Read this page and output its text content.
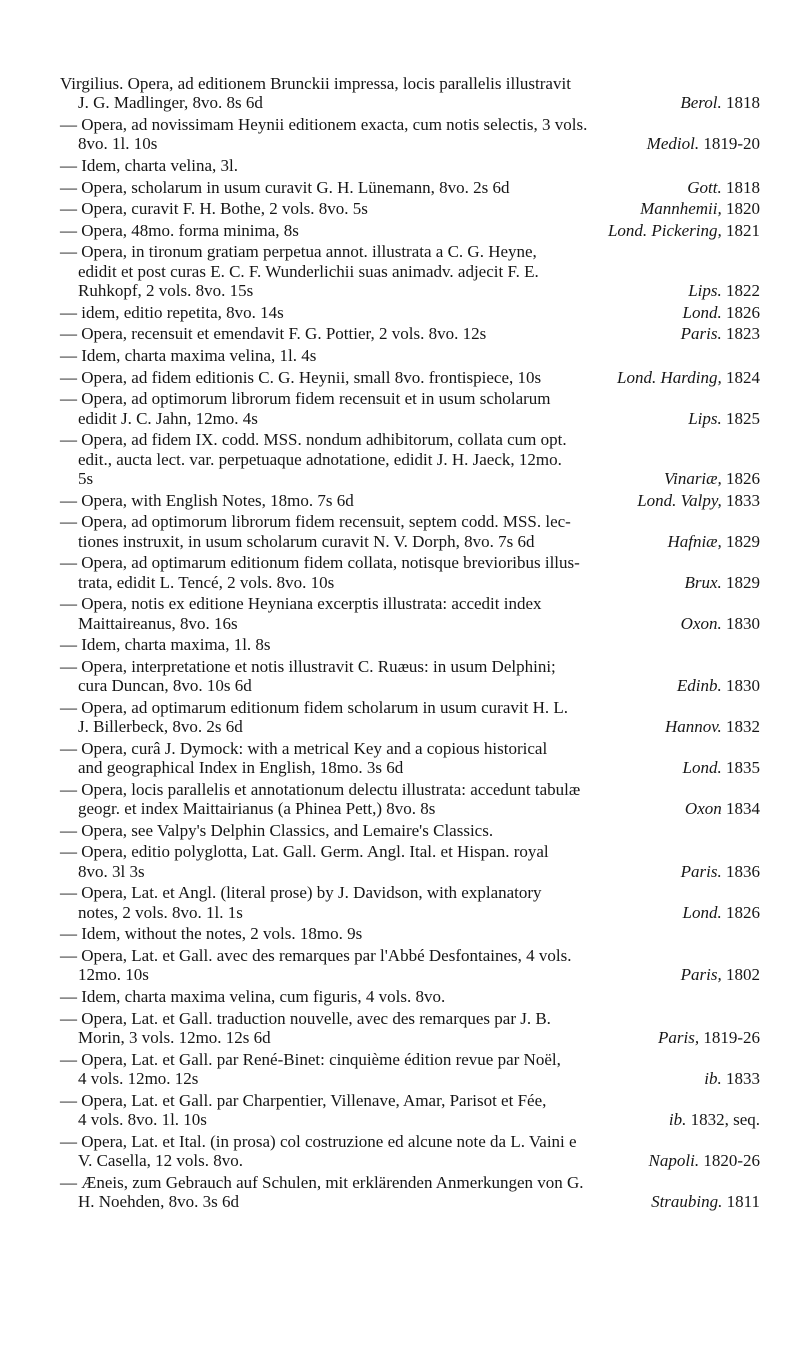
Virgilius. Opera, ad editionem Brunckii impressa, locis parallelis illustravit
J. G. Madlinger, 8vo. 8s 6d	Berol. 1818
— Opera, ad novissimam Heynii editionem exacta, cum notis selectis, 3 vols.
8vo. 1l. 10s	Mediol. 1819-20
— Idem, charta velina, 3l.
— Opera, scholarum in usum curavit G. H. Lünemann, 8vo. 2s 6d	Gott. 1818
— Opera, curavit F. H. Bothe, 2 vols. 8vo. 5s	Mannhemii, 1820
— Opera, 48mo. forma minima, 8s	Lond. Pickering, 1821
— Opera, in tironum gratiam perpetua annot. illustrata a C. G. Heyne,
edidit et post curas E. C. F. Wunderlichii suas animadv. adjecit F. E.
Ruhkopf, 2 vols. 8vo. 15s	Lips. 1822
— idem, editio repetita, 8vo. 14s	Lond. 1826
— Opera, recensuit et emendavit F. G. Pottier, 2 vols. 8vo. 12s	Paris. 1823
— Idem, charta maxima velina, 1l. 4s
— Opera, ad fidem editionis C. G. Heynii, small 8vo. frontispiece, 10s	Lond. Harding, 1824
— Opera, ad optimorum librorum fidem recensuit et in usum scholarum
edidit J. C. Jahn, 12mo. 4s	Lips. 1825
— Opera, ad fidem IX. codd. MSS. nondum adhibitorum, collata cum opt.
edit., aucta lect. var. perpetuaque adnotatione, edidit J. H. Jaeck, 12mo.
5s	Vinariæ, 1826
— Opera, with English Notes, 18mo. 7s 6d	Lond. Valpy, 1833
— Opera, ad optimorum librorum fidem recensuit, septem codd. MSS. lec-
tiones instruxit, in usum scholarum curavit N. V. Dorph, 8vo. 7s 6d	Hafniæ, 1829
— Opera, ad optimarum editionum fidem collata, notisque brevioribus illus-
trata, edidit L. Tencé, 2 vols. 8vo. 10s	Brux. 1829
— Opera, notis ex editione Heyniana excerptis illustrata: accedit index
Maittaireanus, 8vo. 16s	Oxon. 1830
— Idem, charta maxima, 1l. 8s
— Opera, interpretatione et notis illustravit C. Ruæus: in usum Delphini;
cura Duncan, 8vo. 10s 6d	Edinb. 1830
— Opera, ad optimarum editionum fidem scholarum in usum curavit H. L.
J. Billerbeck, 8vo. 2s 6d	Hannov. 1832
— Opera, curâ J. Dymock: with a metrical Key and a copious historical
and geographical Index in English, 18mo. 3s 6d	Lond. 1835
— Opera, locis parallelis et annotationum delectu illustrata: accedunt tabulæ
geogr. et index Maittairianus (a Phinea Pett,) 8vo. 8s	Oxon 1834
— Opera, see Valpy's Delphin Classics, and Lemaire's Classics.
— Opera, editio polyglotta, Lat. Gall. Germ. Angl. Ital. et Hispan. royal
8vo. 3l 3s	Paris. 1836
— Opera, Lat. et Angl. (literal prose) by J. Davidson, with explanatory
notes, 2 vols. 8vo. 1l. 1s	Lond. 1826
— Idem, without the notes, 2 vols. 18mo. 9s
— Opera, Lat. et Gall. avec des remarques par l'Abbé Desfontaines, 4 vols.
12mo. 10s	Paris, 1802
— Idem, charta maxima velina, cum figuris, 4 vols. 8vo.
— Opera, Lat. et Gall. traduction nouvelle, avec des remarques par J. B.
Morin, 3 vols. 12mo. 12s 6d	Paris, 1819-26
— Opera, Lat. et Gall. par René-Binet: cinquième édition revue par Noël,
4 vols. 12mo. 12s	ib. 1833
— Opera, Lat. et Gall. par Charpentier, Villenave, Amar, Parisot et Fée,
4 vols. 8vo. 1l. 10s	ib. 1832, seq.
— Opera, Lat. et Ital. (in prosa) col costruzione ed alcune note da L. Vaini e
V. Casella, 12 vols. 8vo.	Napoli. 1820-26
— Æneis, zum Gebrauch auf Schulen, mit erklärenden Anmerkungen von G.
H. Noehden, 8vo. 3s 6d	Straubing. 1811
